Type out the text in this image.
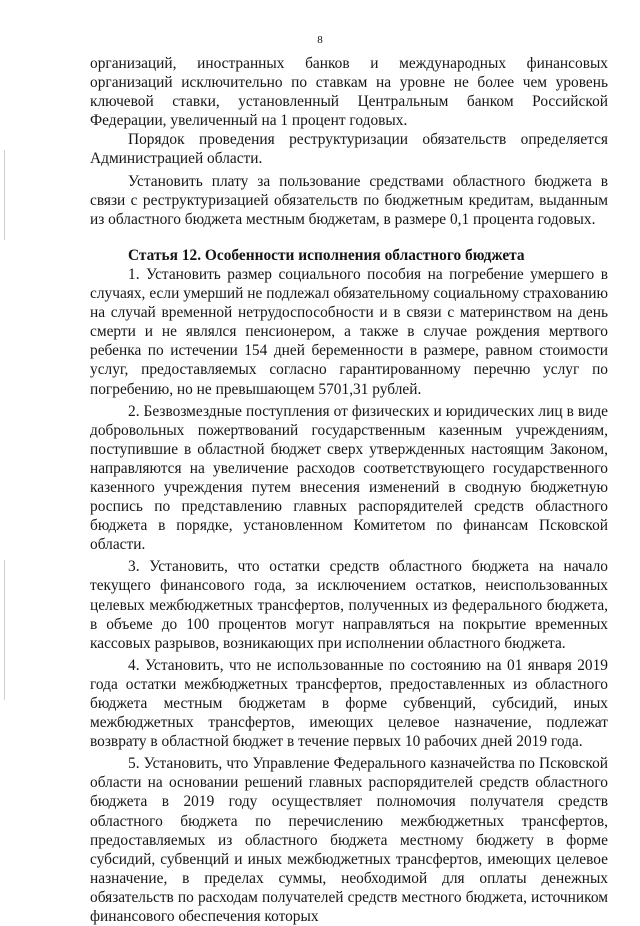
8

организаций, иностранных банков и международных финансовых организаций исключительно по ставкам на уровне не более чем уровень ключевой ставки, установленный Центральным банком Российской Федерации, увеличенный на 1 процент годовых.

Порядок проведения реструктуризации обязательств определяется Администрацией области.

Установить плату за пользование средствами областного бюджета в связи с реструктуризацией обязательств по бюджетным кредитам, выданным из областного бюджета местным бюджетам, в размере 0,1 процента годовых.

Статья 12. Особенности исполнения областного бюджета

1. Установить размер социального пособия на погребение умершего в случаях, если умерший не подлежал обязательному социальному страхованию на случай временной нетрудоспособности и в связи с материнством на день смерти и не являлся пенсионером, а также в случае рождения мертвого ребенка по истечении 154 дней беременности в размере, равном стоимости услуг, предоставляемых согласно гарантированному перечню услуг по погребению, но не превышающем 5701,31 рублей.

2. Безвозмездные поступления от физических и юридических лиц в виде добровольных пожертвований государственным казенным учреждениям, поступившие в областной бюджет сверх утвержденных настоящим Законом, направляются на увеличение расходов соответствующего государственного казенного учреждения путем внесения изменений в сводную бюджетную роспись по представлению главных распорядителей средств областного бюджета в порядке, установленном Комитетом по финансам Псковской области.

3. Установить, что остатки средств областного бюджета на начало текущего финансового года, за исключением остатков, неиспользованных целевых межбюджетных трансфертов, полученных из федерального бюджета, в объеме до 100 процентов могут направляться на покрытие временных кассовых разрывов, возникающих при исполнении областного бюджета.

4. Установить, что не использованные по состоянию на 01 января 2019 года остатки межбюджетных трансфертов, предоставленных из областного бюджета местным бюджетам в форме субвенций, субсидий, иных межбюджетных трансфертов, имеющих целевое назначение, подлежат возврату в областной бюджет в течение первых 10 рабочих дней 2019 года.

5. Установить, что Управление Федерального казначейства по Псковской области на основании решений главных распорядителей средств областного бюджета в 2019 году осуществляет полномочия получателя средств областного бюджета по перечислению межбюджетных трансфертов, предоставляемых из областного бюджета местному бюджету в форме субсидий, субвенций и иных межбюджетных трансфертов, имеющих целевое назначение, в пределах суммы, необходимой для оплаты денежных обязательств по расходам получателей средств местного бюджета, источником финансового обеспечения которых
